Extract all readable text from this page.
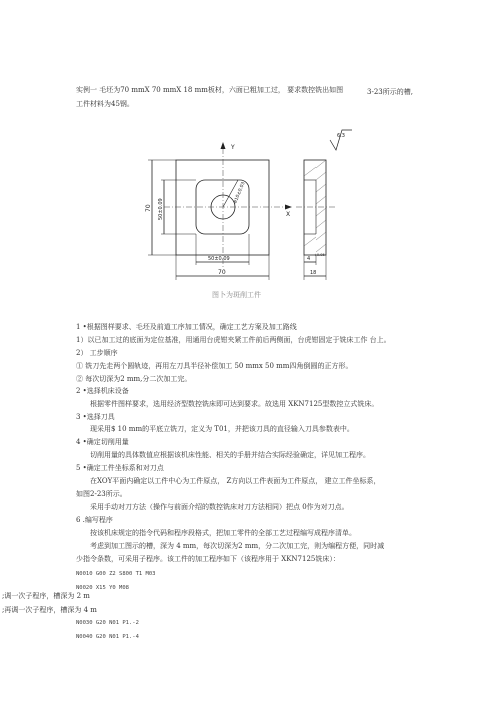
实例一 毛坯为70 mmX 70 mmX 18 mm板材，六面已粗加工过， 要求数控铣出如图	3-23所示的槽,
工件材料为45钢。
Y
X
6.3
70
50±0.09
18
4
+0.05
70 50±0.09
Φ10±0.03
图卜为斑削工件
1 •根据图样要求、毛坯及前道工序加工情况，确定工艺方案及加工路线
1）以已加工过的底面为定位基准，用通用台虎钳夹紧工件前后两侧面，台虎钳固定于铣床工作 台上。
2） 工步顺序
① 铣刀先走两个圆轨迹，再用左刀具半径补偿加工 50 mmx 50 mm四角倒圆的正方形。
② 每次切深为2 mm,分二次加工完。
2 •选择机床设备
根据零件图样要求，选用经济型数控铣床即可达到要求。故选用 XKN7125型数控立式铣床。
3 •选择刀具
现采用$ 10 mm的平底立铣刀，定义为 T01，并把该刀具的直径输入刀具参数表中。
4 •确定切削用量
切削用量的具体数值应根据该机床性能、相关的手册并结合实际经验确定，详见加工程序。
5 •确定工件坐标系和对刀点
在XOY平面内确定以工件中心为工件原点， Z方向以工件表面为工件原点， 建立工件坐标系，
如图2-23所示。
采用手动对刀方法（操作与前面介绍的数控铣床对刀方法相同）把点 0作为对刀点。
6 .编写程序
按该机床规定的指令代码和程序段格式，把加工零件的全部工艺过程编写成程序清单。
考虑到加工图示的槽，深为 4 mm，每次切深为2 mm，分二次加工完，则为编程方便，同时减
少指令条数，可采用子程序。该工件的加工程序如下（该程序用于 XKN7125铣床）：
N0010 G00 Z2 S800 T1 M03
;调一次子程序，槽深为 2 m
N0020 X15 Y0 M08
;再调一次子程序，槽深为 4 m
N0030 G20 N01 P1.-2
N0040 G20 N01 P1.-4
